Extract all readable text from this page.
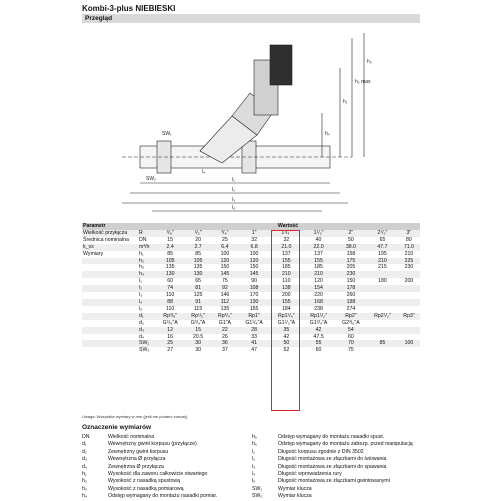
Kombi-3-plus NIEBIESKI
Przegląd
h₄
h₁
h₂ max
h₃
SW₁
SW₂	l₁
l₂
l₃
l₄
l₅
Parametr		Wartość								
Wielkość przyłącza	R	³/₈"	¹/₂"	³/₄"	1"	1¹/₄"	1¹/₂"	2"	2¹/₂"	3"
Średnica nominalna	DN	15	20	25	32	32	40	50	65	80
k_vs	m³/h	2.4	2.7	6.4	6.8	21.0	22.0	38.0	47.7	71.0
Wymiary	h₁	85	85	100	100	137	137	158	195	210
	h₂	105	105	120	120	155	155	175	210	225
	h₃	135	135	150	150	185	185	205	215	230
	h₄	130	130	145	145	210	210	230		
	l₁	60	65	75	90	110	120	150	180	200
	l₂	74	81	92	108	138	154	178		
	l₃	110	125	146	170	200	220	260		
	l₄	88	91	112	130	155	168	198		
	l₅	110	115	135	155	184	238	274		
	d₁	Rp³/₈"	Rp¹/₂"	Rp³/₄"	Rp1"	Rp1¹/₄"	Rp1¹/₂"	Rp2"	Rp2¹/₂"	Rp3"
	d₂	G⁵/₈"A	G³/₄"A	G1"A	G1¹/₄"A	G1¹/₂"A	G1³/₄"A	G2³/₈"A		
	d₃	12	15	22	28	35	42	54		
	d₄	16	20.5	26	33	42	47.5	60		
	SW₁	25	30	36	41	50	55	70	85	100
	SW₂	27	30	37	47	52	60	75		
Uwaga: Wszystkie wymiary w mm (jeśli nie podano inaczej).
Oznaczenie wymiarów
DN	Wielkość nominalna
d₁	Wewnętrzny gwint korpusu (przyłącze)
d₂	Zewnętrzny gwint korpusu
d₃	Wewnętrzna Ø przyłącza
d₄	Zewnętrzna Ø przyłącza
h₁	Wysokość dla zaworu całkowicie otwartego
h₂	Wysokość z nasadką spustową
h₃	Wysokość z nasadką pomiarową
h₄	Odstęp wymagany do montażu nasadki pomiar.
h₅	Odstęp wymagany do montażu nasadki spust.
h₆	Odstęp wymagany do montażu zabezp. przed manipulacją
l₁	Długość korpusu zgodnie z DIN 3502
l₂	Długość montażowa ze złączkami do lutowania
l₃	Długość montażowa ze złączkami do spawania
l₄	Długość wprowadzenia rury
l₅	Długość montażowa ze złączkami gwintowanymi
SW₁	Wymiar klucza
SW₂	Wymiar klucza
